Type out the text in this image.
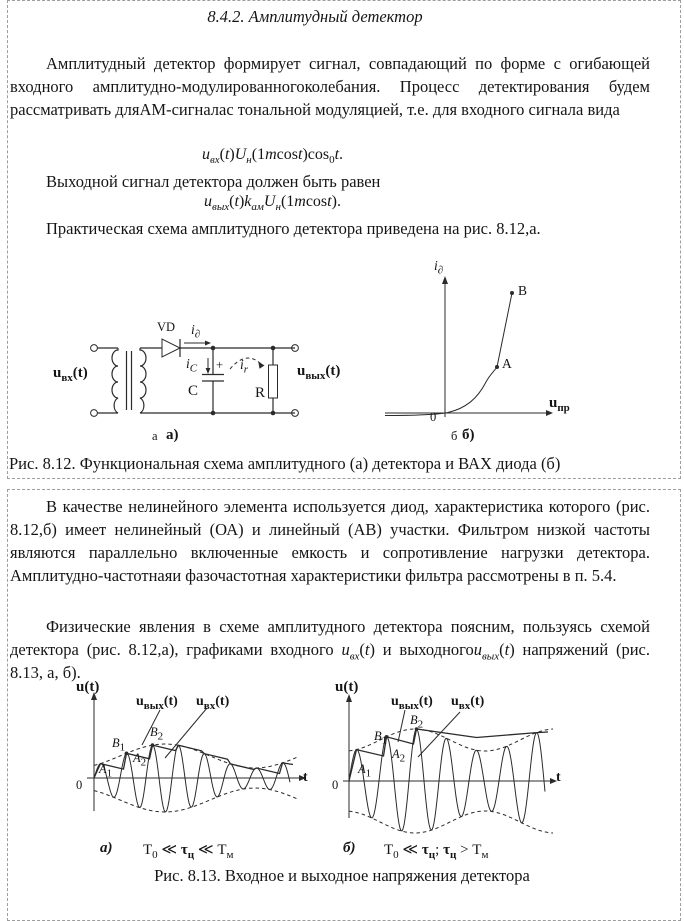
8.4.2. Амплитудный детектор

Амплитудный детектор формирует сигнал, совпадающий по форме с огибающей входного амплитудно-модулированногоколебания. Процесс детектирования будем рассматривать дляАМ-сигналас тональной модуляцией, т.е. для входного сигнала вида

$u_{вх}(t)U_н(1mcost)\cos_0t$.
Выходной сигнал детектора должен быть равен
$u_{вых}(t)k_{ам}U_н(1mcost)$.
Практическая схема амплитудного детектора приведена на рис. 8.12,а.
$u_{вх}(t)$
VD $i_\partial$
$i_C + i_r$
C	R
$u_{вых}(t)$
а а)
$i_\partial$
$u_{пр}$
0
A
B
б б)
Рис. 8.12. Функциональная схема амплитудного (а) детектора и ВАХ диода (б)

В качестве нелинейного элемента используется диод, характеристика которого (рис. 8.12,б) имеет нелинейный (ОА) и линейный (АВ) участки. Фильтром низкой частоты являются параллельно включенные емкость и сопротивление нагрузки детектора. Амплитудно-частотнаяи фазочастотная характеристики фильтра рассмотрены в п. 5.4.

Физические явления в схеме амплитудного детектора поясним, пользуясь схемой детектора (рис. 8.12,а), графиками входного $u_{вх}(t)$ и выходногоu$_{вых}$(t) напряжений (рис. 8.13, а, б).

u(t)
$u_{вых}(t)$ $u_{вх}(t)$
$A_1$
$B_1$
$A_2$
$B_2$
0	t
а) $T_0$ ≪ $\tau_ц$ ≪ $T_м$
u(t)
$u_{вых}(t)$ $u_{вх}(t)$
$A_1$
$B_1$
$A_2$
$B_2$
0	t
б) $T_0$ ≪ $\tau_ц$; $\tau_ц > T_м$
Рис. 8.13. Входное и выходное напряжения детектора
